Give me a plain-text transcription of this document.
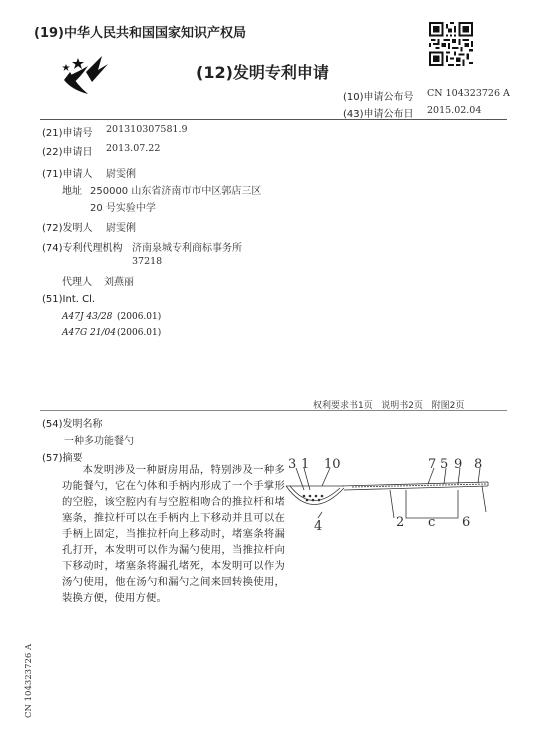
(19)中华人民共和国国家知识产权局
(12)发明专利申请
(10)申请公布号 CN 104323726 A
(43)申请公布日 2015.02.04
(21)申请号 201310307581.9
(22)申请日 2013.07.22
(71)申请人 尉雯俐
地址 250000 山东省济南市市中区郭店三区
20 号实验中学
(72)发明人 尉雯俐
(74)专利代理机构 济南泉城专利商标事务所
37218
代理人 刘燕丽
(51)Int. Cl.
A47J 43/28 (2006.01)
A47G 21/04 (2006.01)
权利要求书1页   说明书2页   附图2页
(54)发明名称
一种多功能餐勺
(57)摘要
本发明涉及一种厨房用品，特别涉及一种多功能餐勺，它在勺体和手柄内形成了一个手掌形的空腔，该空腔内有与空腔相吻合的推拉杆和堵塞条，推拉杆可以在手柄内上下移动并且可以在手柄上固定，当推拉杆向上移动时，堵塞条将漏孔打开，本发明可以作为漏勺使用，当推拉杆向下移动时，堵塞条将漏孔堵死，本发明可以作为汤勺使用，他在汤勺和漏勺之间来回转换使用，装换方便，使用方便。
3 1 10	7 5 9 8
4	2 c 6
CN 104323726 A
